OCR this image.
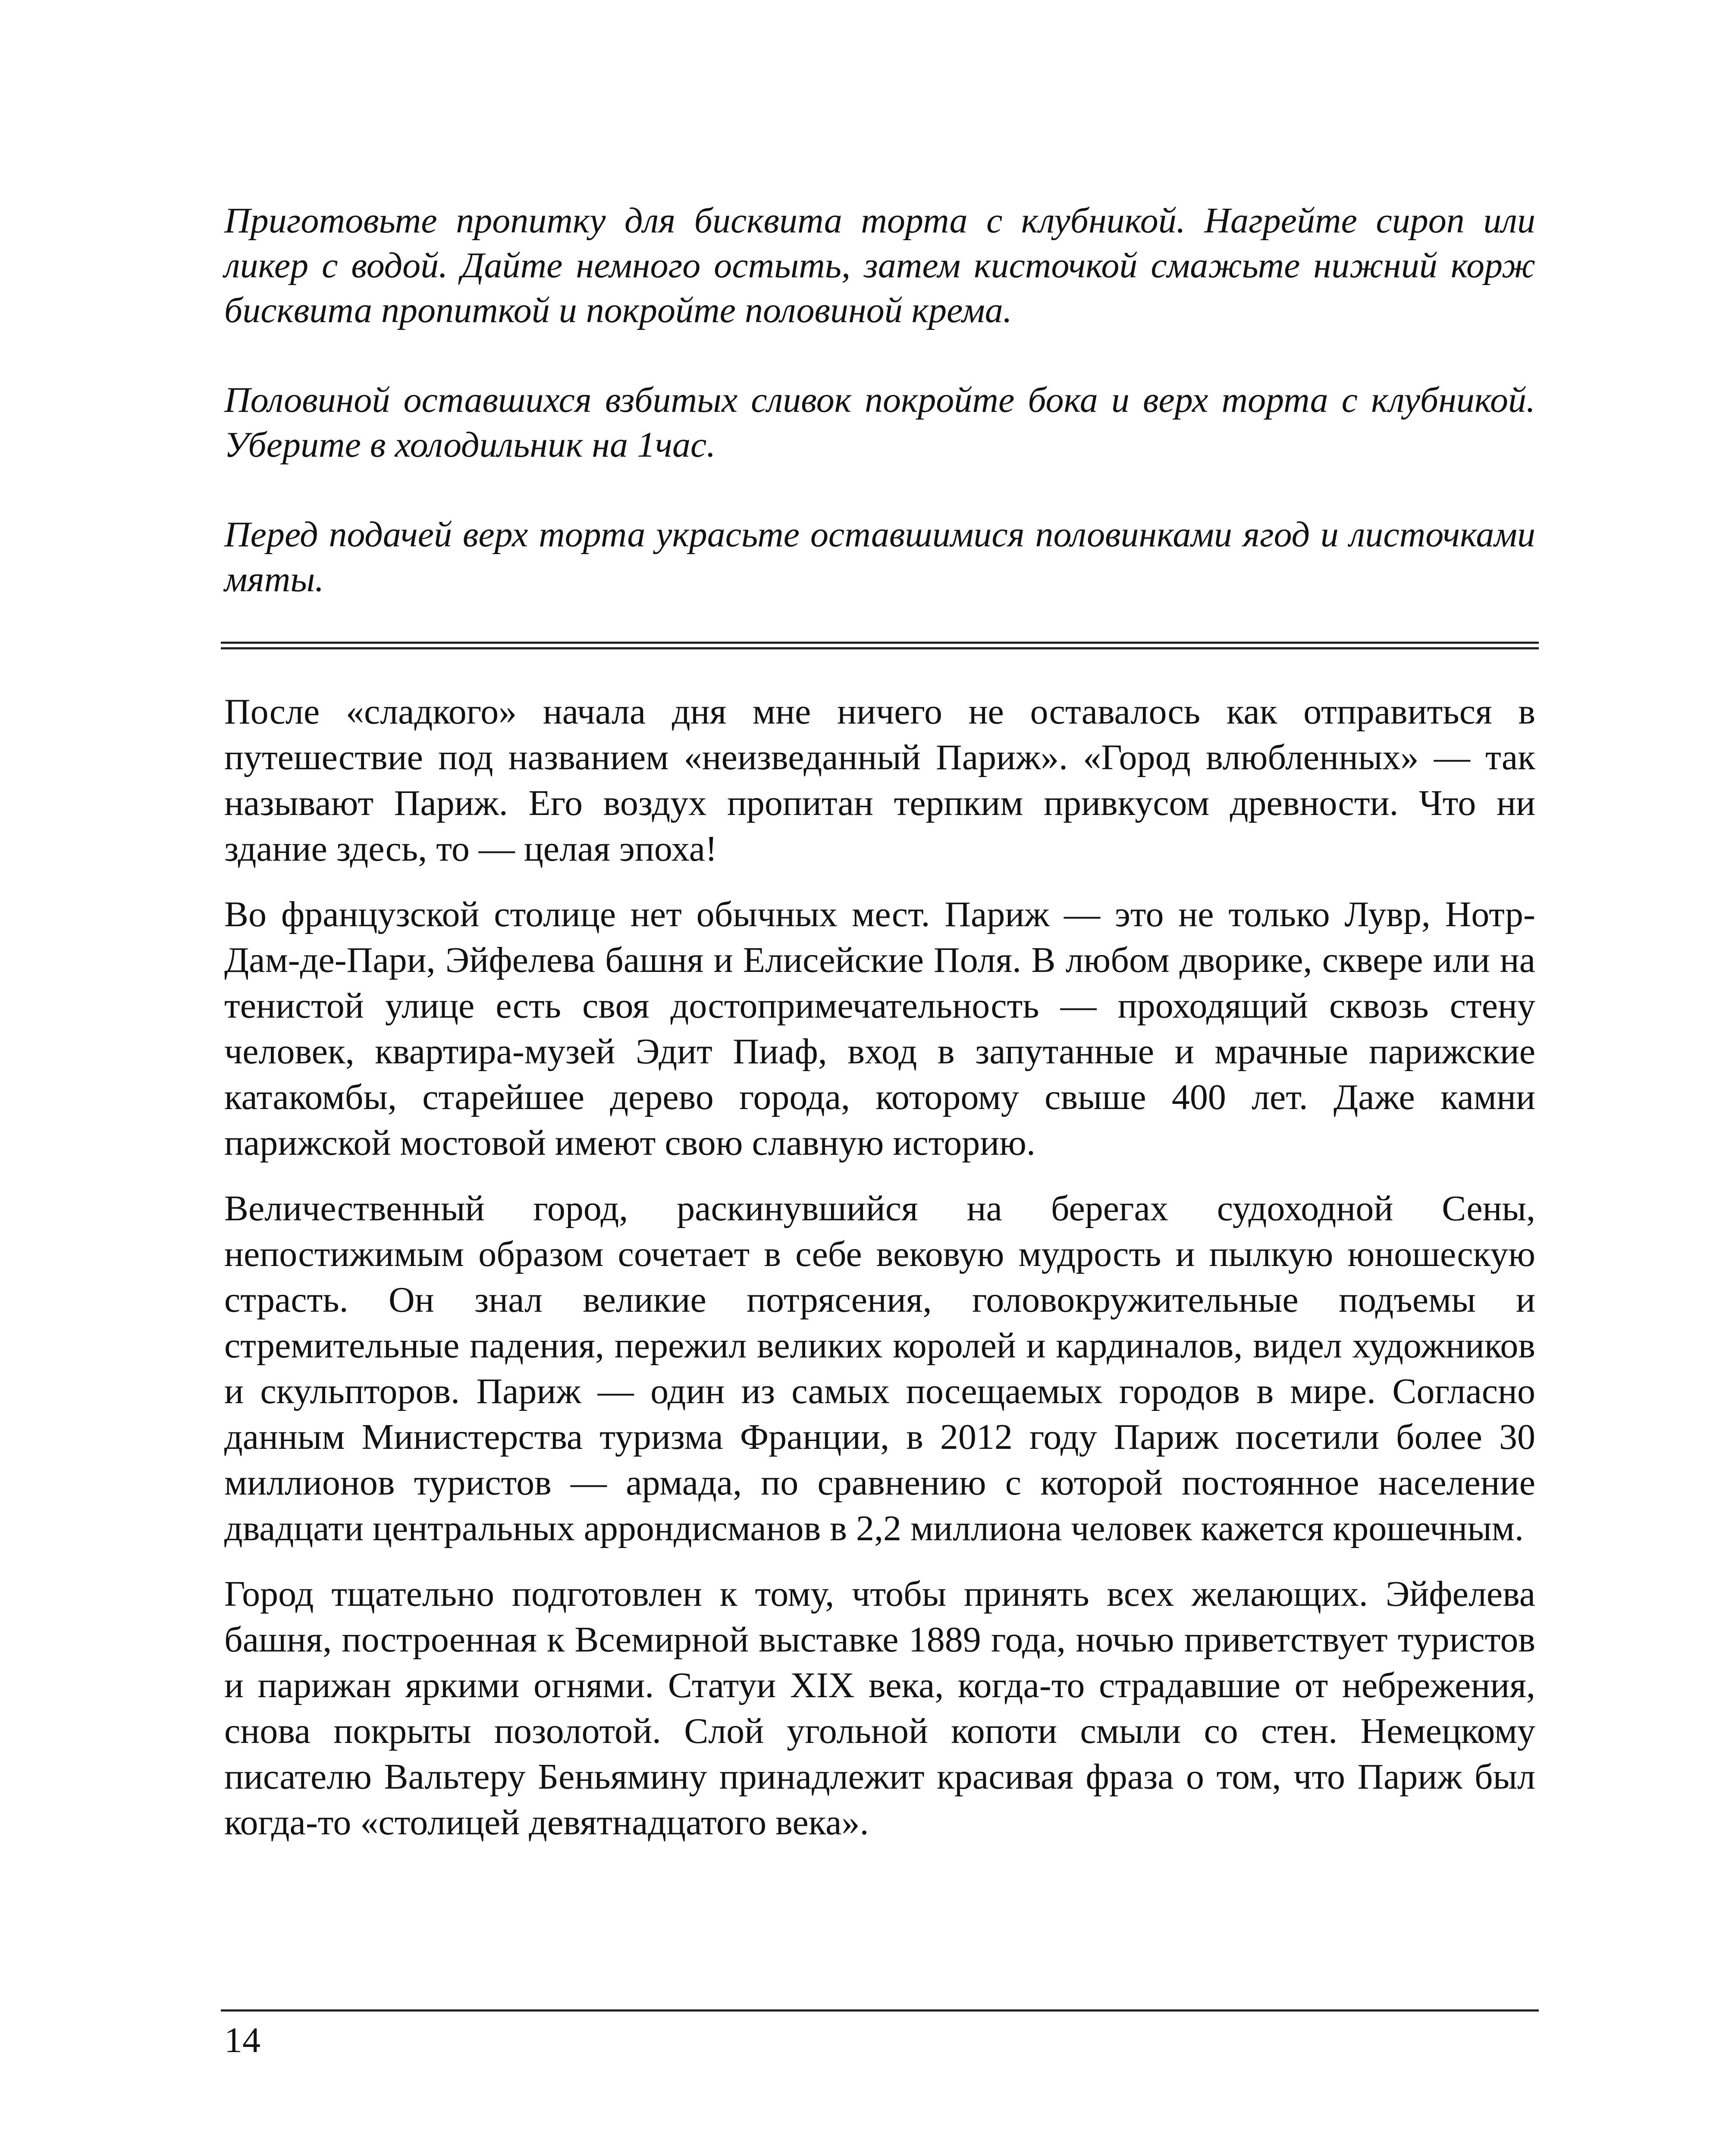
Приготовьте пропитку для бисквита торта с клубникой. Нагрейте сироп или ликер с водой. Дайте немного остыть, затем кисточкой смажьте нижний корж бисквита пропиткой и покройте половиной крема.

Половиной оставшихся взбитых сливок покройте бока и верх торта с клубникой. Уберите в холодильник на 1час.

Перед подачей верх торта украсьте оставшимися половинками ягод и листочками мяты.

После «сладкого» начала дня мне ничего не оставалось как отправиться в путешествие под названием «неизведанный Париж». «Город влюбленных» — так называют Париж. Его воздух пропитан терпким привкусом древности. Что ни здание здесь, то — целая эпоха!

Во французской столице нет обычных мест. Париж — это не только Лувр, Нотр-Дам-де-Пари, Эйфелева башня и Елисейские Поля. В любом дворике, сквере или на тенистой улице есть своя достопримечательность — проходящий сквозь стену человек, квартира-музей Эдит Пиаф, вход в запутанные и мрачные парижские катакомбы, старейшее дерево города, которому свыше 400 лет. Даже камни парижской мостовой имеют свою славную историю.

Величественный город, раскинувшийся на берегах судоходной Сены, непостижимым образом сочетает в себе вековую мудрость и пылкую юношескую страсть. Он знал великие потрясения, головокружительные подъемы и стремительные падения, пережил великих королей и кардиналов, видел художников и скульпторов. Париж — один из самых посещаемых городов в мире. Согласно данным Министерства туризма Франции, в 2012 году Париж посетили более 30 миллионов туристов — армада, по сравнению с которой постоянное население двадцати центральных аррондисманов в 2,2 миллиона человек кажется крошечным.

Город тщательно подготовлен к тому, чтобы принять всех желающих. Эйфелева башня, построенная к Всемирной выставке 1889 года, ночью приветствует туристов и парижан яркими огнями. Статуи XIX века, когда-то страдавшие от небрежения, снова покрыты позолотой. Слой угольной копоти смыли со стен. Немецкому писателю Вальтеру Беньямину принадлежит красивая фраза о том, что Париж был когда-то «столицей девятнадцатого века».

14
